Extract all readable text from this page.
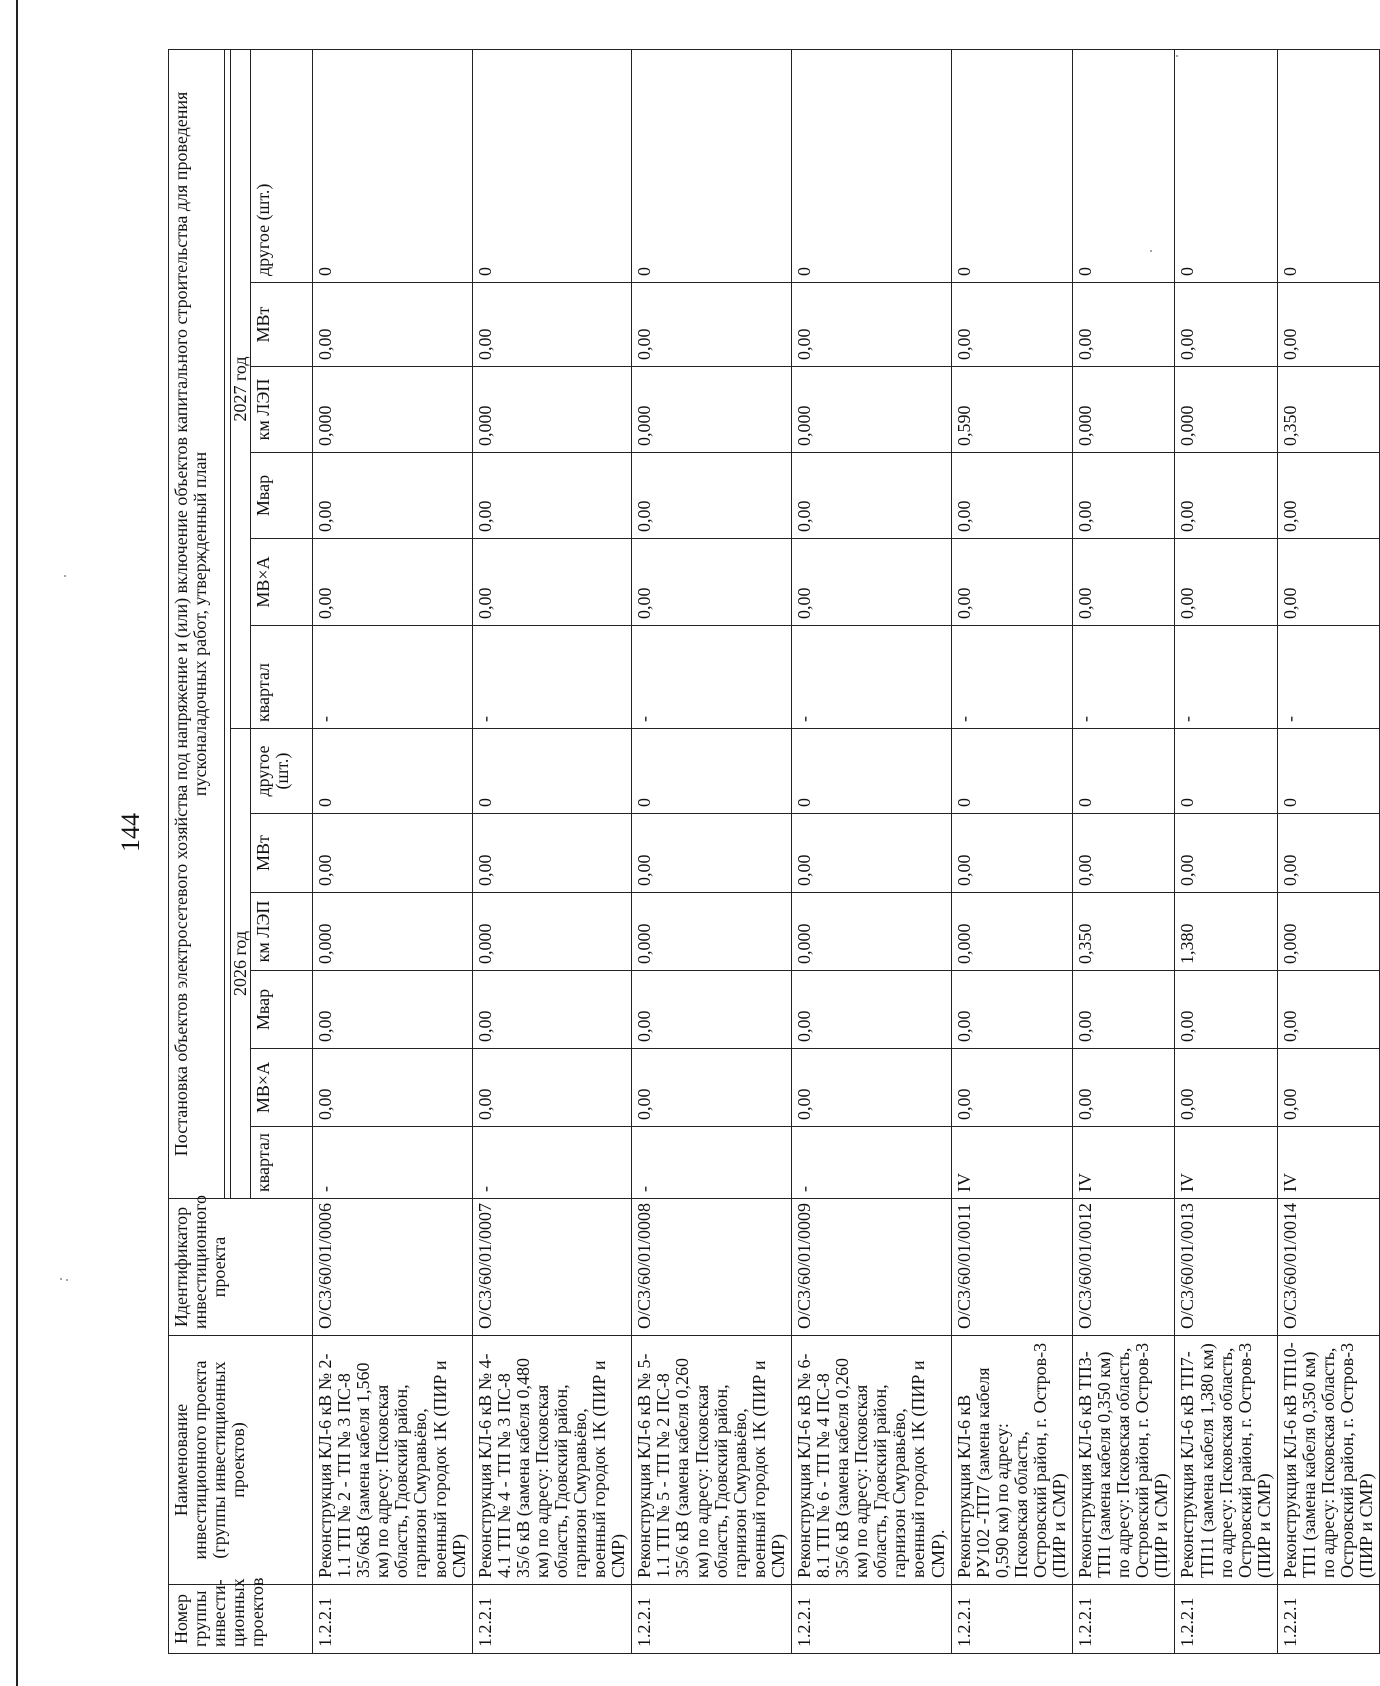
144
Номер группы инвести-ционных проектов	Наименование инвестиционного проекта (группы инвестиционных проектов)	Идентификатор инвестиционного проекта	Постановка объектов электросетевого хозяйства под напряжение и (или) включение объектов капитального строительства для проведения пусконаладочных работ, утвержденный план											

			2026 год						2027 год					
			квартал	МВ×А	Мвар	км ЛЭП	МВт	другое (шт.)	квартал	МВ×А	Мвар	км ЛЭП	МВт	другое (шт.)
1.2.2.1	Реконструкция КЛ-6 кВ № 2-1.1 ТП № 2 - ТП № 3 ПС-8 35/6кВ (замена кабеля 1,560 км) по адресу: Псковская область, Гдовский район, гарнизон Смуравьёво, военный городок 1К (ПИР и СМР)	O/C3/60/01/0006	-	0,00	0,00	0,000	0,00	0	-	0,00	0,00	0,000	0,00	0
1.2.2.1	Реконструкция КЛ-6 кВ № 4-4.1 ТП № 4 - ТП № 3 ПС-8 35/6 кВ (замена кабеля 0,480 км) по адресу: Псковская область, Гдовский район, гарнизон Смуравьёво, военный городок 1К (ПИР и СМР)	O/C3/60/01/0007	-	0,00	0,00	0,000	0,00	0	-	0,00	0,00	0,000	0,00	0
1.2.2.1	Реконструкция КЛ-6 кВ № 5-1.1 ТП № 5 - ТП № 2 ПС-8 35/6 кВ (замена кабеля 0,260 км) по адресу: Псковская область, Гдовский район, гарнизон Смуравьёво, военный городок 1К (ПИР и СМР)	O/C3/60/01/0008	-	0,00	0,00	0,000	0,00	0	-	0,00	0,00	0,000	0,00	0
1.2.2.1	Реконструкция КЛ-6 кВ № 6-8.1 ТП № 6 - ТП № 4 ПС-8 35/6 кВ (замена кабеля 0,260 км) по адресу: Псковская область, Гдовский район, гарнизон Смуравьёво, военный городок 1К (ПИР и СМР).	O/C3/60/01/0009	-	0,00	0,00	0,000	0,00	0	-	0,00	0,00	0,000	0,00	0
1.2.2.1	Реконструкция КЛ-6 кВ РУ102 -ТП7 (замена кабеля 0,590 км) по адресу: Псковская область, Островский район, г. Остров-3 (ПИР и СМР)	O/C3/60/01/0011	IV	0,00	0,00	0,000	0,00	0	-	0,00	0,00	0,590	0,00	0
1.2.2.1	Реконструкция КЛ-6 кВ ТП3-ТП1 (замена кабеля 0,350 км) по адресу: Псковская область, Островский район, г. Остров-3 (ПИР и СМР)	O/C3/60/01/0012	IV	0,00	0,00	0,350	0,00	0	-	0,00	0,00	0,000	0,00	0
1.2.2.1	Реконструкция КЛ-6 кВ ТП7-ТП11 (замена кабеля 1,380 км) по адресу: Псковская область, Островский район, г. Остров-3 (ПИР и СМР)	O/C3/60/01/0013	IV	0,00	0,00	1,380	0,00	0	-	0,00	0,00	0,000	0,00	0
1.2.2.1	Реконструкция КЛ-6 кВ ТП10-ТП1 (замена кабеля 0,350 км) по адресу: Псковская область, Островский район, г. Остров-3 (ПИР и СМР)	O/C3/60/01/0014	IV	0,00	0,00	0,000	0,00	0	-	0,00	0,00	0,350	0,00	0
